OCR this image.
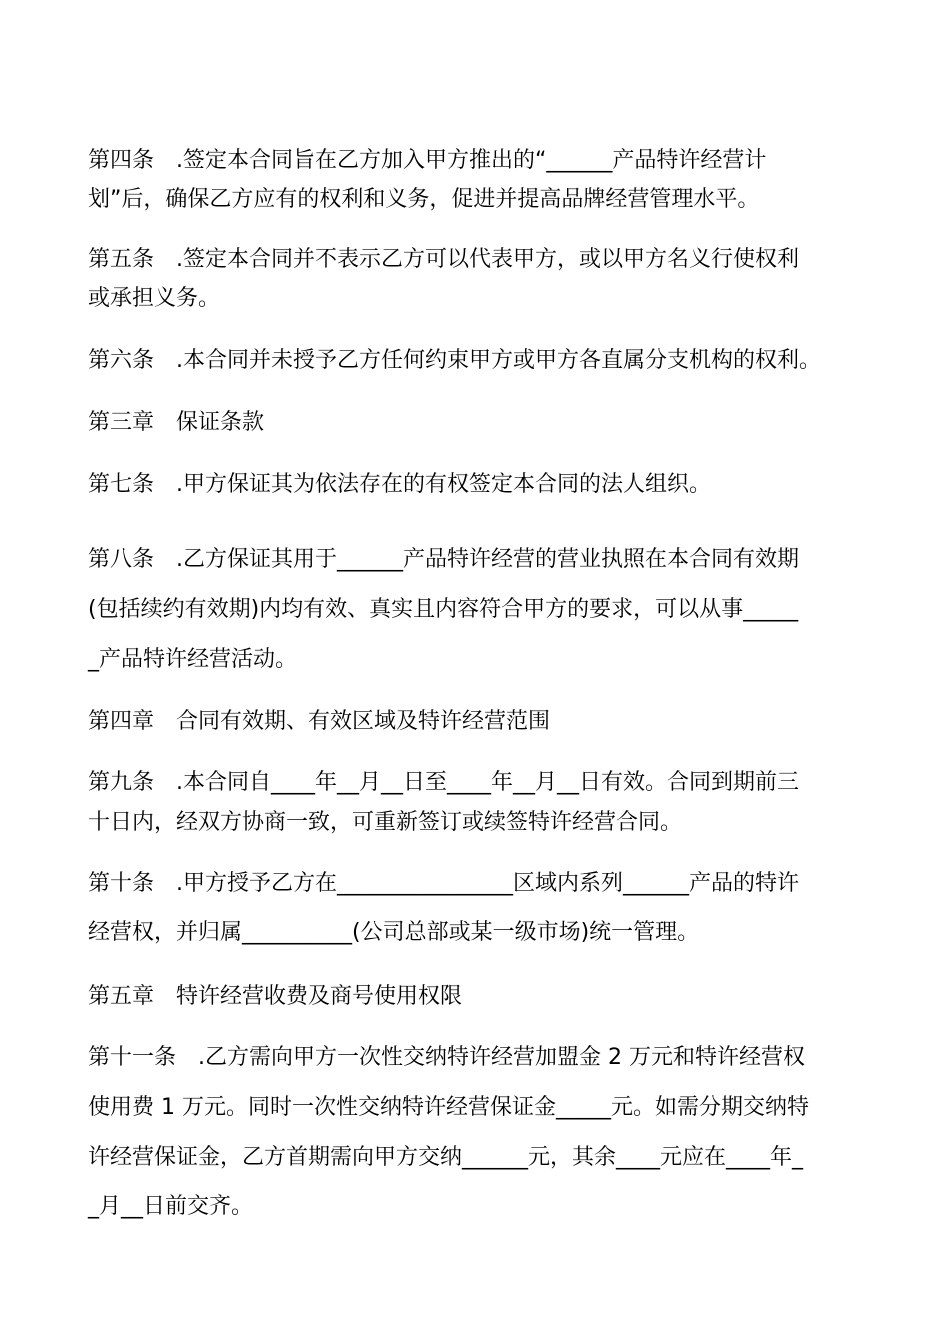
第四条　.签定本合同旨在乙方加入甲方推出的“______产品特许经营计
划”后，确保乙方应有的权利和义务，促进并提高品牌经营管理水平。
第五条　.签定本合同并不表示乙方可以代表甲方，或以甲方名义行使权利
或承担义务。
第六条　.本合同并未授予乙方任何约束甲方或甲方各直属分支机构的权利。
第三章　保证条款
第七条　.甲方保证其为依法存在的有权签定本合同的法人组织。
第八条　.乙方保证其用于______产品特许经营的营业执照在本合同有效期
(包括续约有效期)内均有效、真实且内容符合甲方的要求，可以从事_____
_产品特许经营活动。
第四章　合同有效期、有效区域及特许经营范围
第九条　.本合同自____年__月__日至____年__月__日有效。合同到期前三
十日内，经双方协商一致，可重新签订或续签特许经营合同。
第十条　.甲方授予乙方在________________区域内系列______产品的特许
经营权，并归属__________(公司总部或某一级市场)统一管理。
第五章　特许经营收费及商号使用权限
第十一条　.乙方需向甲方一次性交纳特许经营加盟金 2 万元和特许经营权
使用费 1 万元。同时一次性交纳特许经营保证金_____元。如需分期交纳特
许经营保证金，乙方首期需向甲方交纳______元，其余____元应在____年_
_月__日前交齐。
